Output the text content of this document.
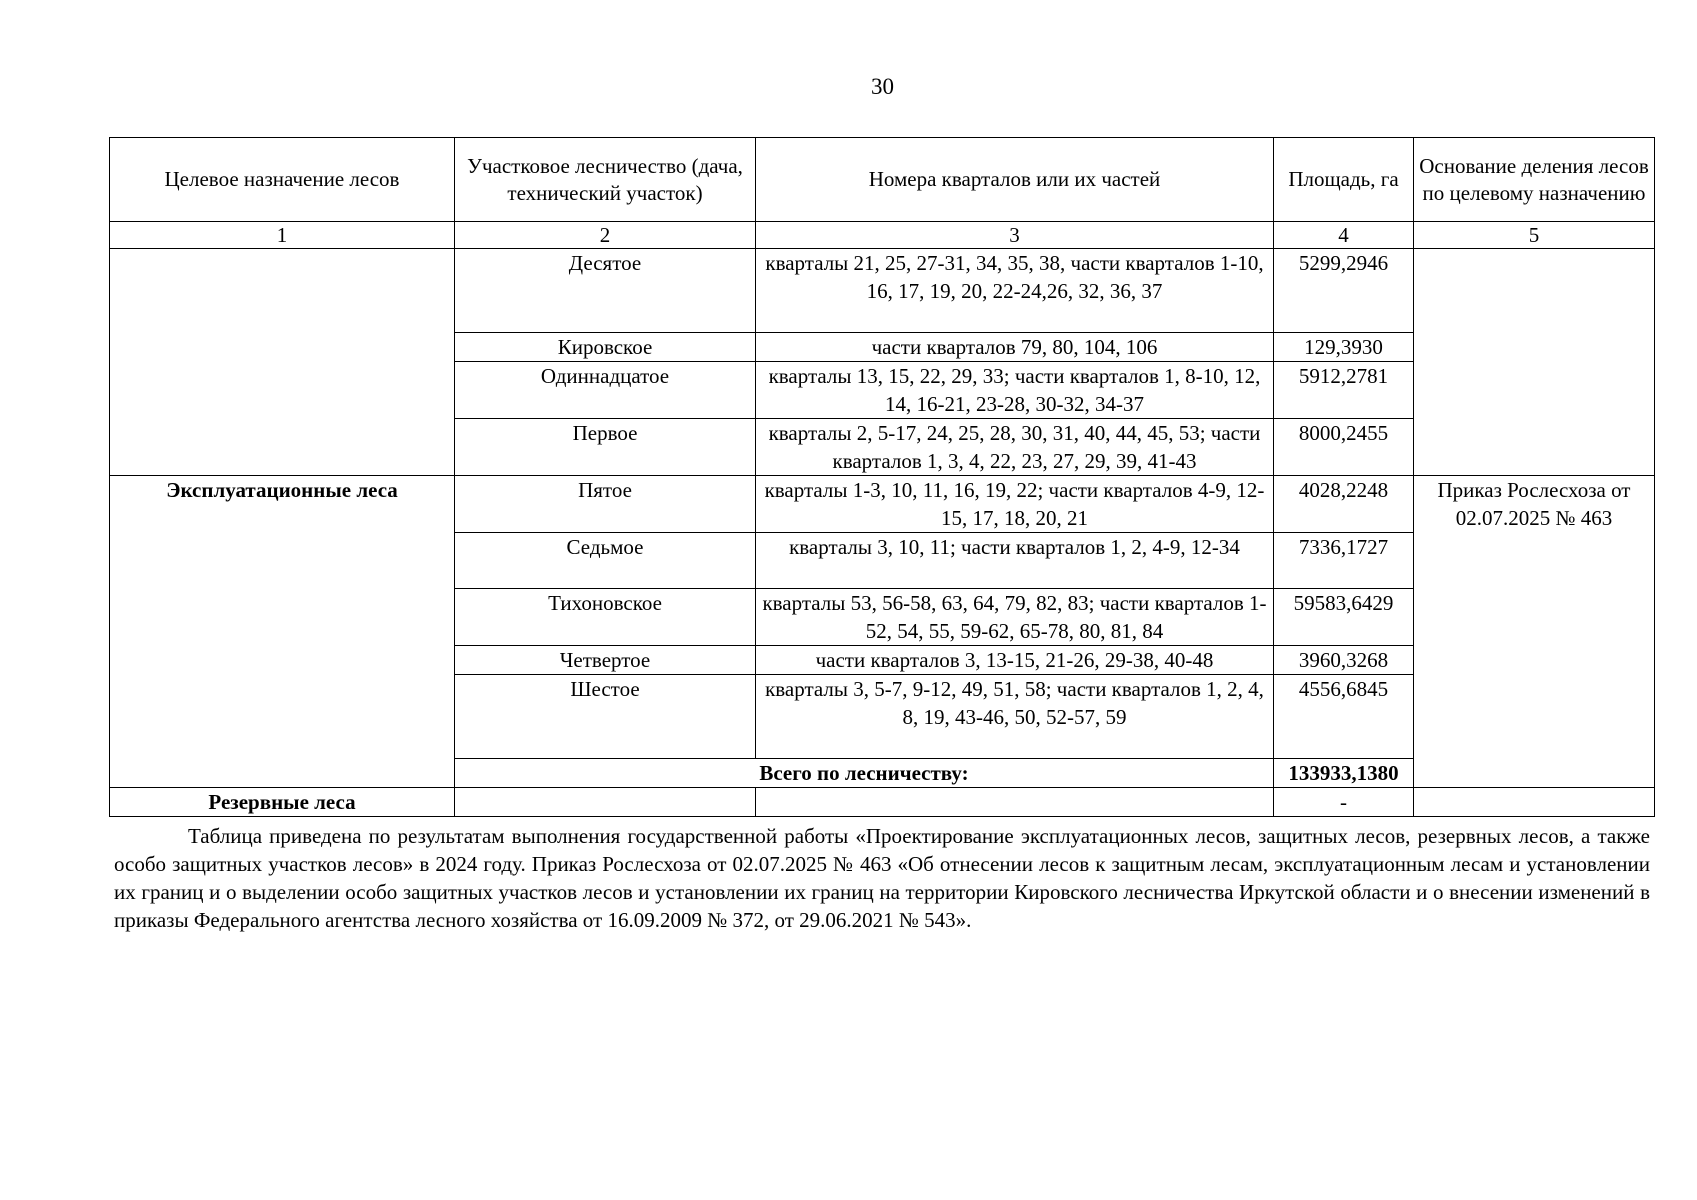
30
Целевое назначение лесов	Участковое лесничество (дача, технический участок)	Номера кварталов или их частей	Площадь, га	Основание деления лесов по целевому назначению
1	2	3	4	5
	Десятое	кварталы 21, 25, 27-31, 34, 35, 38, части кварталов 1-10, 16, 17, 19, 20, 22-24,26, 32, 36, 37	5299,2946	
	Кировское	части кварталов 79, 80, 104, 106	129,3930	
	Одиннадцатое	кварталы 13, 15, 22, 29, 33; части кварталов 1, 8-10, 12, 14, 16-21, 23-28, 30-32, 34-37	5912,2781	
	Первое	кварталы 2, 5-17, 24, 25, 28, 30, 31, 40, 44, 45, 53; части кварталов 1, 3, 4, 22, 23, 27, 29, 39, 41-43	8000,2455	
Эксплуатационные леса	Пятое	кварталы 1-3, 10, 11, 16, 19, 22; части кварталов 4-9, 12-15, 17, 18, 20, 21	4028,2248	Приказ Рослесхоза от 02.07.2025 № 463
	Седьмое	кварталы 3, 10, 11; части кварталов 1, 2, 4-9, 12-34	7336,1727	
	Тихоновское	кварталы 53, 56-58, 63, 64, 79, 82, 83; части кварталов 1-52, 54, 55, 59-62, 65-78, 80, 81, 84	59583,6429	
	Четвертое	части кварталов 3, 13-15, 21-26, 29-38, 40-48	3960,3268	
	Шестое	кварталы 3, 5-7, 9-12, 49, 51, 58; части кварталов 1, 2, 4, 8, 19, 43-46, 50, 52-57, 59	4556,6845	
	Всего по лесничеству:		133933,1380	
Резервные леса			-	

Таблица приведена по результатам выполнения государственной работы «Проектирование эксплуатационных лесов, защитных лесов, резервных лесов, а также особо защитных участков лесов» в 2024 году. Приказ Рослесхоза от 02.07.2025 № 463 «Об отнесении лесов к защитным лесам, эксплуатационным лесам и установлении их границ и о выделении особо защитных участков лесов и установлении их границ на территории Кировского лесничества Иркутской области и о внесении изменений в приказы Федерального агентства лесного хозяйства от 16.09.2009 № 372, от 29.06.2021 № 543».
